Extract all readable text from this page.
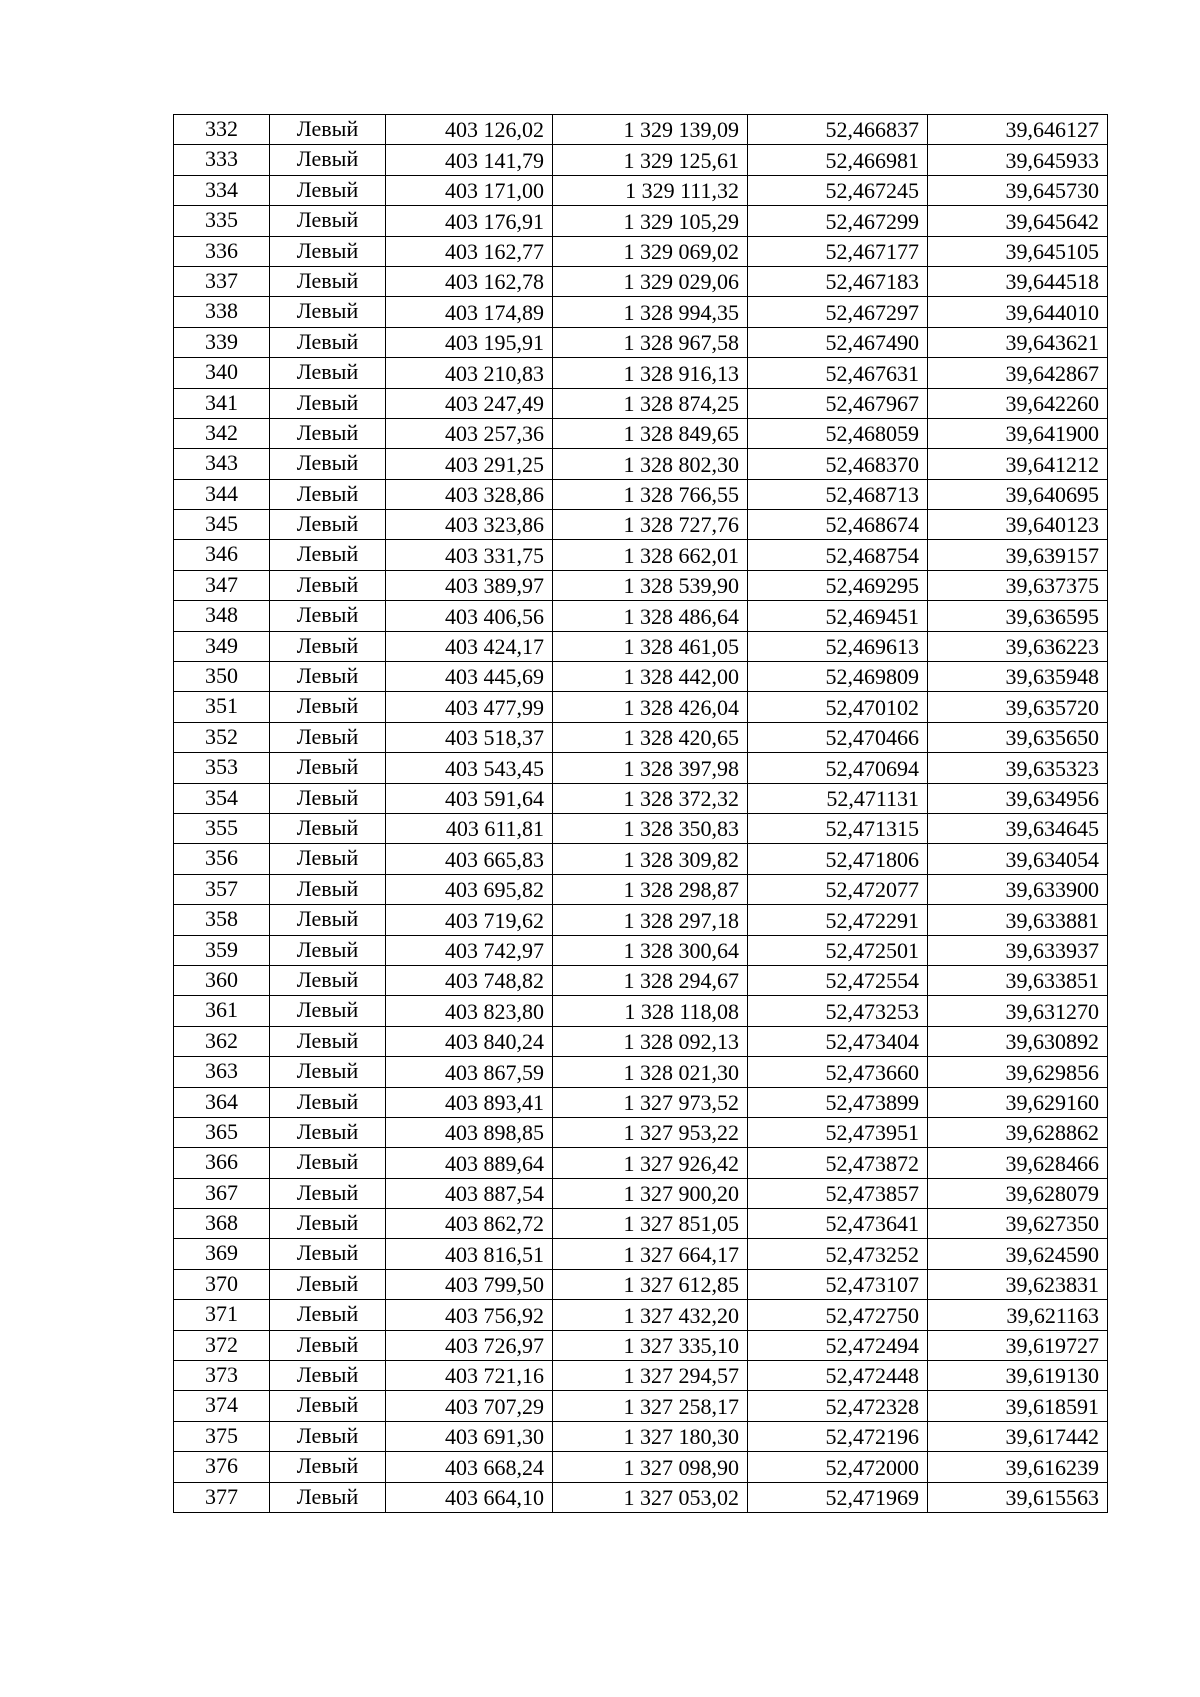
332	Левый	403 126,02	1 329 139,09	52,466837	39,646127
333	Левый	403 141,79	1 329 125,61	52,466981	39,645933
334	Левый	403 171,00	1 329 111,32	52,467245	39,645730
335	Левый	403 176,91	1 329 105,29	52,467299	39,645642
336	Левый	403 162,77	1 329 069,02	52,467177	39,645105
337	Левый	403 162,78	1 329 029,06	52,467183	39,644518
338	Левый	403 174,89	1 328 994,35	52,467297	39,644010
339	Левый	403 195,91	1 328 967,58	52,467490	39,643621
340	Левый	403 210,83	1 328 916,13	52,467631	39,642867
341	Левый	403 247,49	1 328 874,25	52,467967	39,642260
342	Левый	403 257,36	1 328 849,65	52,468059	39,641900
343	Левый	403 291,25	1 328 802,30	52,468370	39,641212
344	Левый	403 328,86	1 328 766,55	52,468713	39,640695
345	Левый	403 323,86	1 328 727,76	52,468674	39,640123
346	Левый	403 331,75	1 328 662,01	52,468754	39,639157
347	Левый	403 389,97	1 328 539,90	52,469295	39,637375
348	Левый	403 406,56	1 328 486,64	52,469451	39,636595
349	Левый	403 424,17	1 328 461,05	52,469613	39,636223
350	Левый	403 445,69	1 328 442,00	52,469809	39,635948
351	Левый	403 477,99	1 328 426,04	52,470102	39,635720
352	Левый	403 518,37	1 328 420,65	52,470466	39,635650
353	Левый	403 543,45	1 328 397,98	52,470694	39,635323
354	Левый	403 591,64	1 328 372,32	52,471131	39,634956
355	Левый	403 611,81	1 328 350,83	52,471315	39,634645
356	Левый	403 665,83	1 328 309,82	52,471806	39,634054
357	Левый	403 695,82	1 328 298,87	52,472077	39,633900
358	Левый	403 719,62	1 328 297,18	52,472291	39,633881
359	Левый	403 742,97	1 328 300,64	52,472501	39,633937
360	Левый	403 748,82	1 328 294,67	52,472554	39,633851
361	Левый	403 823,80	1 328 118,08	52,473253	39,631270
362	Левый	403 840,24	1 328 092,13	52,473404	39,630892
363	Левый	403 867,59	1 328 021,30	52,473660	39,629856
364	Левый	403 893,41	1 327 973,52	52,473899	39,629160
365	Левый	403 898,85	1 327 953,22	52,473951	39,628862
366	Левый	403 889,64	1 327 926,42	52,473872	39,628466
367	Левый	403 887,54	1 327 900,20	52,473857	39,628079
368	Левый	403 862,72	1 327 851,05	52,473641	39,627350
369	Левый	403 816,51	1 327 664,17	52,473252	39,624590
370	Левый	403 799,50	1 327 612,85	52,473107	39,623831
371	Левый	403 756,92	1 327 432,20	52,472750	39,621163
372	Левый	403 726,97	1 327 335,10	52,472494	39,619727
373	Левый	403 721,16	1 327 294,57	52,472448	39,619130
374	Левый	403 707,29	1 327 258,17	52,472328	39,618591
375	Левый	403 691,30	1 327 180,30	52,472196	39,617442
376	Левый	403 668,24	1 327 098,90	52,472000	39,616239
377	Левый	403 664,10	1 327 053,02	52,471969	39,615563
